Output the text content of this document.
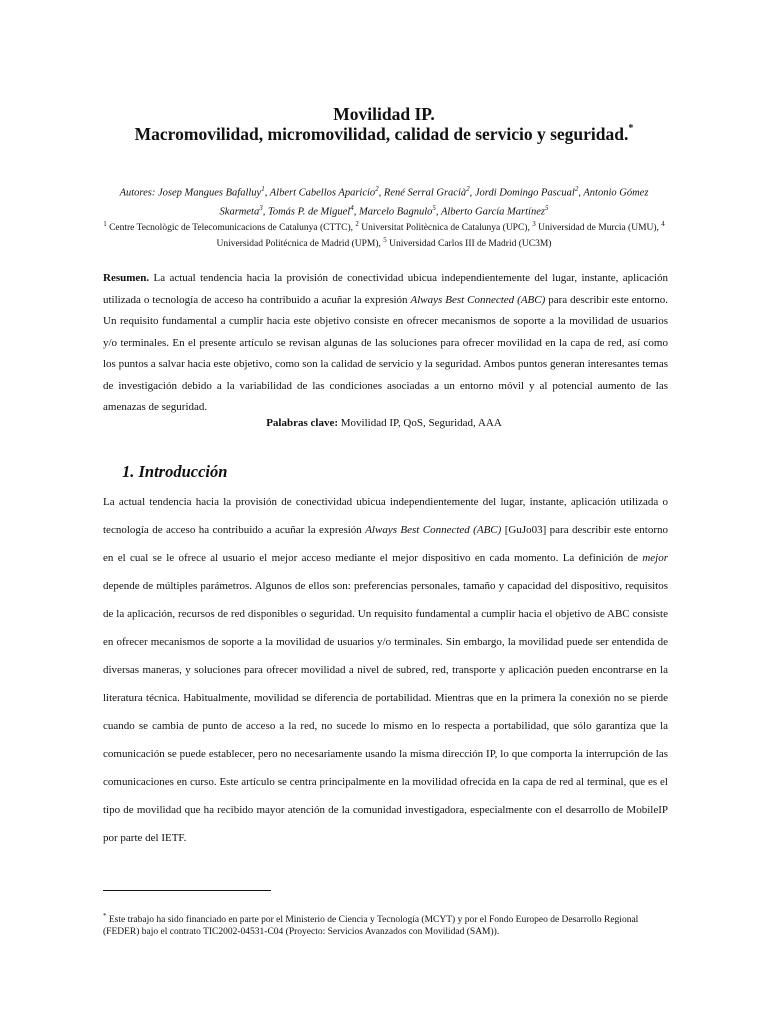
Movilidad IP.
Macromovilidad, micromovilidad, calidad de servicio y seguridad.*
Autores: Josep Mangues Bafalluy$^1$, Albert Cabellos Aparicio$^2$, René Serral Gracià$^2$, Jordi Domingo Pascual$^2$, Antonio Gómez Skarmeta$^3$, Tomás P. de Miguel$^4$, Marcelo Bagnulo$^5$, Alberto García Martínez$^5$
$^1$ Centre Tecnològic de Telecomunicacions de Catalunya (CTTC), $^2$ Universitat Politècnica de Catalunya (UPC), $^3$ Universidad de Murcia (UMU), $^4$ Universidad Politécnica de Madrid (UPM), $^5$ Universidad Carlos III de Madrid (UC3M)

Resumen. La actual tendencia hacia la provisión de conectividad ubicua independientemente del lugar, instante, aplicación utilizada o tecnología de acceso ha contribuido a acuñar la expresión Always Best Connected (ABC) para describir este entorno. Un requisito fundamental a cumplir hacia este objetivo consiste en ofrecer mecanismos de soporte a la movilidad de usuarios y/o terminales. En el presente artículo se revisan algunas de las soluciones para ofrecer movilidad en la capa de red, así como los puntos a salvar hacia este objetivo, como son la calidad de servicio y la seguridad. Ambos puntos generan interesantes temas de investigación debido a la variabilidad de las condiciones asociadas a un entorno móvil y al potencial aumento de las amenazas de seguridad.

Palabras clave: Movilidad IP, QoS, Seguridad, AAA
1. Introducción

La actual tendencia hacia la provisión de conectividad ubicua independientemente del lugar, instante, aplicación utilizada o tecnología de acceso ha contribuido a acuñar la expresión Always Best Connected (ABC) [GuJo03] para describir este entorno en el cual se le ofrece al usuario el mejor acceso mediante el mejor dispositivo en cada momento. La definición de mejor depende de múltiples parámetros. Algunos de ellos son: preferencias personales, tamaño y capacidad del dispositivo, requisitos de la aplicación, recursos de red disponibles o seguridad. Un requisito fundamental a cumplir hacia el objetivo de ABC consiste en ofrecer mecanismos de soporte a la movilidad de usuarios y/o terminales. Sin embargo, la movilidad puede ser entendida de diversas maneras, y soluciones para ofrecer movilidad a nivel de subred, red, transporte y aplicación pueden encontrarse en la literatura técnica. Habitualmente, movilidad se diferencia de portabilidad. Mientras que en la primera la conexión no se pierde cuando se cambia de punto de acceso a la red, no sucede lo mismo en lo respecta a portabilidad, que sólo garantiza que la comunicación se puede establecer, pero no necesariamente usando la misma dirección IP, lo que comporta la interrupción de las comunicaciones en curso. Este artículo se centra principalmente en la movilidad ofrecida en la capa de red al terminal, que es el tipo de movilidad que ha recibido mayor atención de la comunidad investigadora, especialmente con el desarrollo de MobileIP por parte del IETF.

* Este trabajo ha sido financiado en parte por el Ministerio de Ciencia y Tecnología (MCYT) y por el Fondo Europeo de Desarrollo Regional (FEDER) bajo el contrato TIC2002-04531-C04 (Proyecto: Servicios Avanzados con Movilidad (SAM)).
